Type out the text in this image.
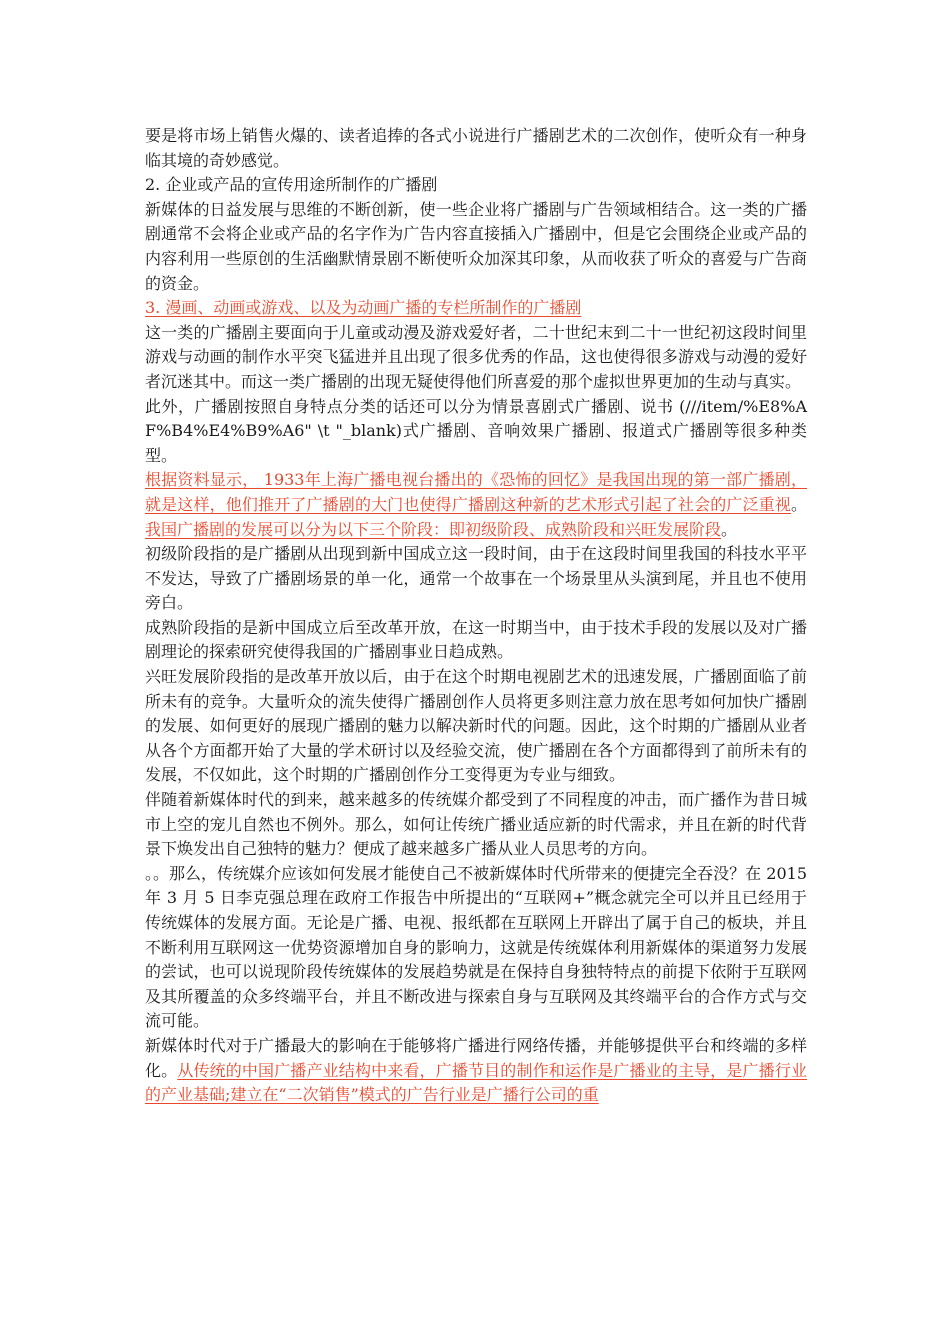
要是将市场上销售火爆的、读者追捧的各式小说进行广播剧艺术的二次创作，使听众有一种身临其境的奇妙感觉。

2. 企业或产品的宣传用途所制作的广播剧

新媒体的日益发展与思维的不断创新，使一些企业将广播剧与广告领域相结合。这一类的广播剧通常不会将企业或产品的名字作为广告内容直接插入广播剧中，但是它会围绕企业或产品的内容利用一些原创的生活幽默情景剧不断使听众加深其印象，从而收获了听众的喜爱与广告商的资金。

3. 漫画、动画或游戏、以及为动画广播的专栏所制作的广播剧

这一类的广播剧主要面向于儿童或动漫及游戏爱好者，二十世纪末到二十一世纪初这段时间里游戏与动画的制作水平突飞猛进并且出现了很多优秀的作品，这也使得很多游戏与动漫的爱好者沉迷其中。而这一类广播剧的出现无疑使得他们所喜爱的那个虚拟世界更加的生动与真实。

此外，广播剧按照自身特点分类的话还可以分为情景喜剧式广播剧、说书 (///item/%E8%AF%B4%E4%B9%A6" \t "_blank)式广播剧、音响效果广播剧、报道式广播剧等很多种类型。

根据资料显示， 1933年上海广播电视台播出的《恐怖的回忆》是我国出现的第一部广播剧，就是这样，他们推开了广播剧的大门也使得广播剧这种新的艺术形式引起了社会的广泛重视。我国广播剧的发展可以分为以下三个阶段：即初级阶段、成熟阶段和兴旺发展阶段。

初级阶段指的是广播剧从出现到新中国成立这一段时间，由于在这段时间里我国的科技水平平不发达，导致了广播剧场景的单一化，通常一个故事在一个场景里从头演到尾，并且也不使用旁白。

成熟阶段指的是新中国成立后至改革开放，在这一时期当中，由于技术手段的发展以及对广播剧理论的探索研究使得我国的广播剧事业日趋成熟。

兴旺发展阶段指的是改革开放以后，由于在这个时期电视剧艺术的迅速发展，广播剧面临了前所未有的竞争。大量听众的流失使得广播剧创作人员将更多则注意力放在思考如何加快广播剧的发展、如何更好的展现广播剧的魅力以解决新时代的问题。因此，这个时期的广播剧从业者从各个方面都开始了大量的学术研讨以及经验交流，使广播剧在各个方面都得到了前所未有的发展，不仅如此，这个时期的广播剧创作分工变得更为专业与细致。

伴随着新媒体时代的到来，越来越多的传统媒介都受到了不同程度的冲击，而广播作为昔日城市上空的宠儿自然也不例外。那么，如何让传统广播业适应新的时代需求，并且在新的时代背景下焕发出自己独特的魅力？便成了越来越多广播从业人员思考的方向。

。。那么，传统媒介应该如何发展才能使自己不被新媒体时代所带来的便捷完全吞没？在 2015 年 3 月 5 日李克强总理在政府工作报告中所提出的“互联网+”概念就完全可以并且已经用于传统媒体的发展方面。无论是广播、电视、报纸都在互联网上开辟出了属于自己的板块，并且不断利用互联网这一优势资源增加自身的影响力，这就是传统媒体利用新媒体的渠道努力发展的尝试，也可以说现阶段传统媒体的发展趋势就是在保持自身独特特点的前提下依附于互联网及其所覆盖的众多终端平台，并且不断改进与探索自身与互联网及其终端平台的合作方式与交流可能。

新媒体时代对于广播最大的影响在于能够将广播进行网络传播，并能够提供平台和终端的多样化。从传统的中国广播产业结构中来看，广播节目的制作和运作是广播业的主导，是广播行业的产业基础;建立在“二次销售”模式的广告行业是广播行公司的重
